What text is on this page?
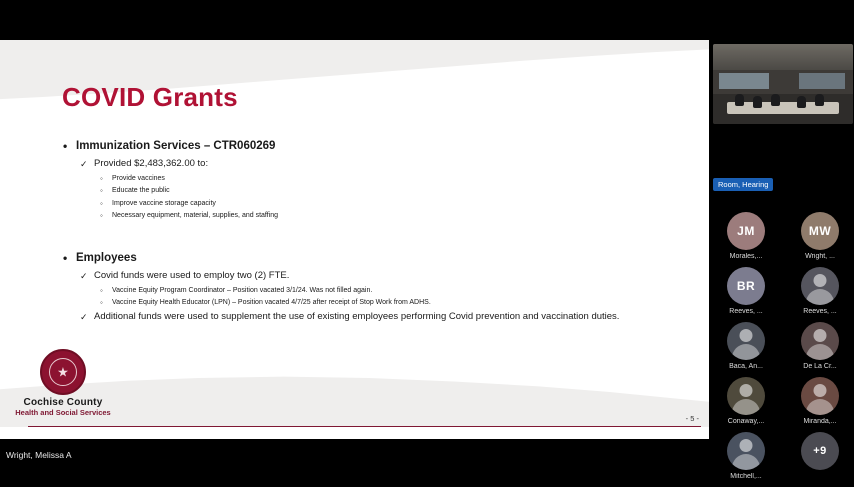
COVID Grants
• Immunization Services – CTR060269
✓ Provided $2,483,362.00 to:
◦ Provide vaccines
◦ Educate the public
◦ Improve vaccine storage capacity
◦ Necessary equipment, material, supplies, and staffing
• Employees
✓ Covid funds were used to employ two (2) FTE.
◦ Vaccine Equity Program Coordinator – Position vacated 3/1/24. Was not filled again.
◦ Vaccine Equity Health Educator (LPN) – Position vacated 4/7/25 after receipt of Stop Work from ADHS.
✓ Additional funds were used to supplement the use of existing employees performing Covid prevention and vaccination duties.
★
Cochise County
Health and Social Services
- 5 -
Wright, Melissa A
Room, Hearing
JM
Morales,...
MW
Wright, ...
BR
Reeves, ...	Reeves, ...
Baca, An...	De La Cr...
Conaway,...	Miranda,...
Mitchell,...
+9
